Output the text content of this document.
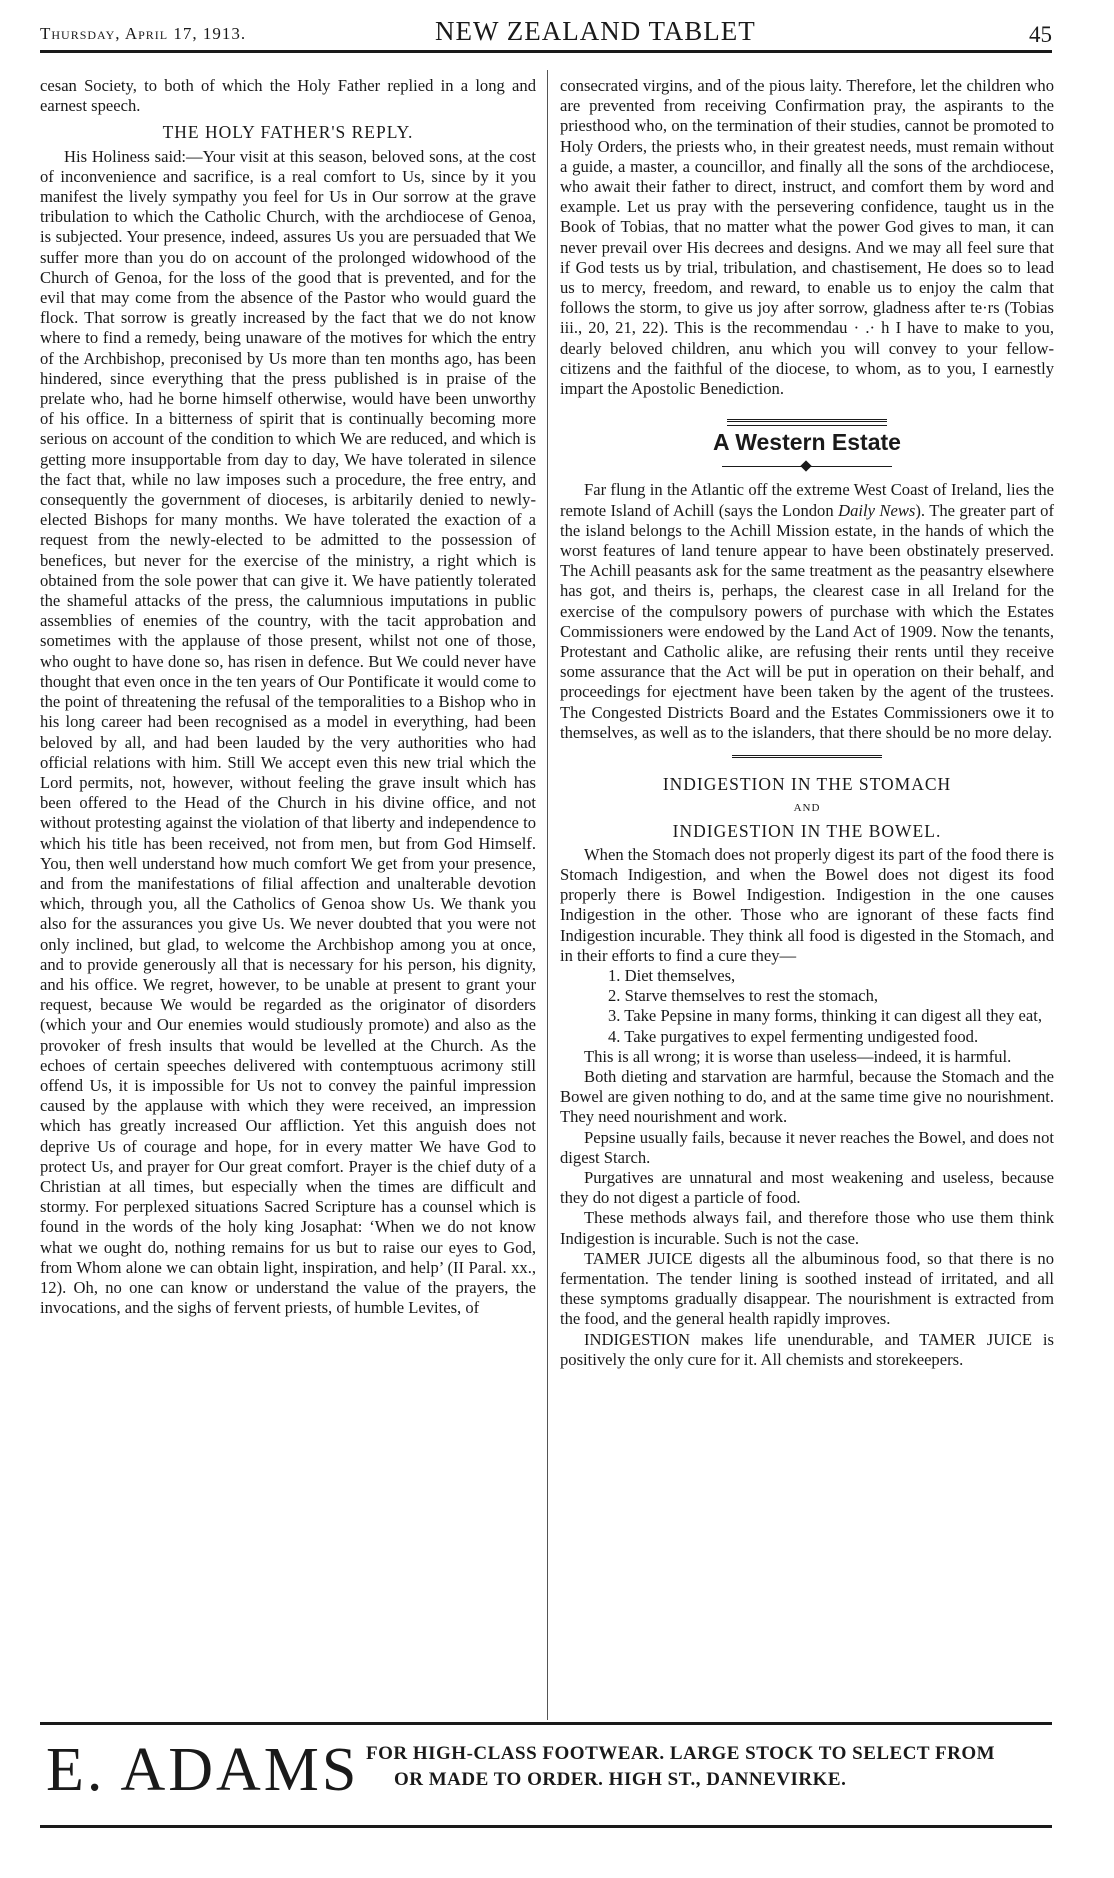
Thursday, April 17, 1913.	NEW ZEALAND TABLET	45

cesan Society, to both of which the Holy Father replied in a long and earnest speech.

THE HOLY FATHER'S REPLY.

His Holiness said:—Your visit at this season, beloved sons, at the cost of inconvenience and sacrifice, is a real comfort to Us, since by it you manifest the lively sympathy you feel for Us in Our sorrow at the grave tribulation to which the Catholic Church, with the archdiocese of Genoa, is subjected. Your presence, indeed, assures Us you are persuaded that We suffer more than you do on account of the prolonged widowhood of the Church of Genoa, for the loss of the good that is prevented, and for the evil that may come from the absence of the Pastor who would guard the flock. That sorrow is greatly increased by the fact that we do not know where to find a remedy, being unaware of the motives for which the entry of the Archbishop, preconised by Us more than ten months ago, has been hindered, since everything that the press published is in praise of the prelate who, had he borne himself otherwise, would have been unworthy of his office. In a bitterness of spirit that is continually becoming more serious on account of the condition to which We are reduced, and which is getting more insupportable from day to day, We have tolerated in silence the fact that, while no law imposes such a procedure, the free entry, and consequently the government of dioceses, is arbitarily denied to newly-elected Bishops for many months. We have tolerated the exaction of a request from the newly-elected to be admitted to the possession of benefices, but never for the exercise of the ministry, a right which is obtained from the sole power that can give it. We have patiently tolerated the shameful attacks of the press, the calumnious imputations in public assemblies of enemies of the country, with the tacit approbation and sometimes with the applause of those present, whilst not one of those, who ought to have done so, has risen in defence. But We could never have thought that even once in the ten years of Our Pontificate it would come to the point of threatening the refusal of the temporalities to a Bishop who in his long career had been recognised as a model in everything, had been beloved by all, and had been lauded by the very authorities who had official relations with him. Still We accept even this new trial which the Lord permits, not, however, without feeling the grave insult which has been offered to the Head of the Church in his divine office, and not without protesting against the violation of that liberty and independence to which his title has been received, not from men, but from God Himself. You, then well understand how much comfort We get from your presence, and from the manifestations of filial affection and unalterable devotion which, through you, all the Catholics of Genoa show Us. We thank you also for the assurances you give Us. We never doubted that you were not only inclined, but glad, to welcome the Archbishop among you at once, and to provide generously all that is necessary for his person, his dignity, and his office. We regret, however, to be unable at present to grant your request, because We would be regarded as the originator of disorders (which your and Our enemies would studiously promote) and also as the provoker of fresh insults that would be levelled at the Church. As the echoes of certain speeches delivered with contemptuous acrimony still offend Us, it is impossible for Us not to convey the painful impression caused by the applause with which they were received, an impression which has greatly increased Our affliction. Yet this anguish does not deprive Us of courage and hope, for in every matter We have God to protect Us, and prayer for Our great comfort. Prayer is the chief duty of a Christian at all times, but especially when the times are difficult and stormy. For perplexed situations Sacred Scripture has a counsel which is found in the words of the holy king Josaphat: ‘When we do not know what we ought do, nothing remains for us but to raise our eyes to God, from Whom alone we can obtain light, inspiration, and help’ (II Paral. xx., 12). Oh, no one can know or understand the value of the prayers, the invocations, and the sighs of fervent priests, of humble Levites, of

consecrated virgins, and of the pious laity. Therefore, let the children who are prevented from receiving Confirmation pray, the aspirants to the priesthood who, on the termination of their studies, cannot be promoted to Holy Orders, the priests who, in their greatest needs, must remain without a guide, a master, a councillor, and finally all the sons of the archdiocese, who await their father to direct, instruct, and comfort them by word and example. Let us pray with the persevering confidence, taught us in the Book of Tobias, that no matter what the power God gives to man, it can never prevail over His decrees and designs. And we may all feel sure that if God tests us by trial, tribulation, and chastisement, He does so to lead us to mercy, freedom, and reward, to enable us to enjoy the calm that follows the storm, to give us joy after sorrow, gladness after te·rs (Tobias iii., 20, 21, 22). This is the recommendau · .· h I have to make to you, dearly beloved children, anu which you will convey to your fellow-citizens and the faithful of the diocese, to whom, as to you, I earnestly impart the Apostolic Benediction.

A Western Estate

Far flung in the Atlantic off the extreme West Coast of Ireland, lies the remote Island of Achill (says the London Daily News). The greater part of the island belongs to the Achill Mission estate, in the hands of which the worst features of land tenure appear to have been obstinately preserved. The Achill peasants ask for the same treatment as the peasantry elsewhere has got, and theirs is, perhaps, the clearest case in all Ireland for the exercise of the compulsory powers of purchase with which the Estates Commissioners were endowed by the Land Act of 1909. Now the tenants, Protestant and Catholic alike, are refusing their rents until they receive some assurance that the Act will be put in operation on their behalf, and proceedings for ejectment have been taken by the agent of the trustees. The Congested Districts Board and the Estates Commissioners owe it to themselves, as well as to the islanders, that there should be no more delay.

INDIGESTION IN THE STOMACH
AND
INDIGESTION IN THE BOWEL.

When the Stomach does not properly digest its part of the food there is Stomach Indigestion, and when the Bowel does not digest its food properly there is Bowel Indigestion. Indigestion in the one causes Indigestion in the other. Those who are ignorant of these facts find Indigestion incurable. They think all food is digested in the Stomach, and in their efforts to find a cure they—

1. Diet themselves,

2. Starve themselves to rest the stomach,

3. Take Pepsine in many forms, thinking it can digest all they eat,

4. Take purgatives to expel fermenting undigested food.

This is all wrong; it is worse than useless—indeed, it is harmful.

Both dieting and starvation are harmful, because the Stomach and the Bowel are given nothing to do, and at the same time give no nourishment. They need nourishment and work.

Pepsine usually fails, because it never reaches the Bowel, and does not digest Starch.

Purgatives are unnatural and most weakening and useless, because they do not digest a particle of food.

These methods always fail, and therefore those who use them think Indigestion is incurable. Such is not the case.

TAMER JUICE digests all the albuminous food, so that there is no fermentation. The tender lining is soothed instead of irritated, and all these symptoms gradually disappear. The nourishment is extracted from the food, and the general health rapidly improves.

INDIGESTION makes life unendurable, and TAMER JUICE is positively the only cure for it. All chemists and storekeepers.

E. ADAMS FOR HIGH-CLASS FOOTWEAR. LARGE STOCK TO SELECT FROM
OR MADE TO ORDER. HIGH ST., DANNEVIRKE.
